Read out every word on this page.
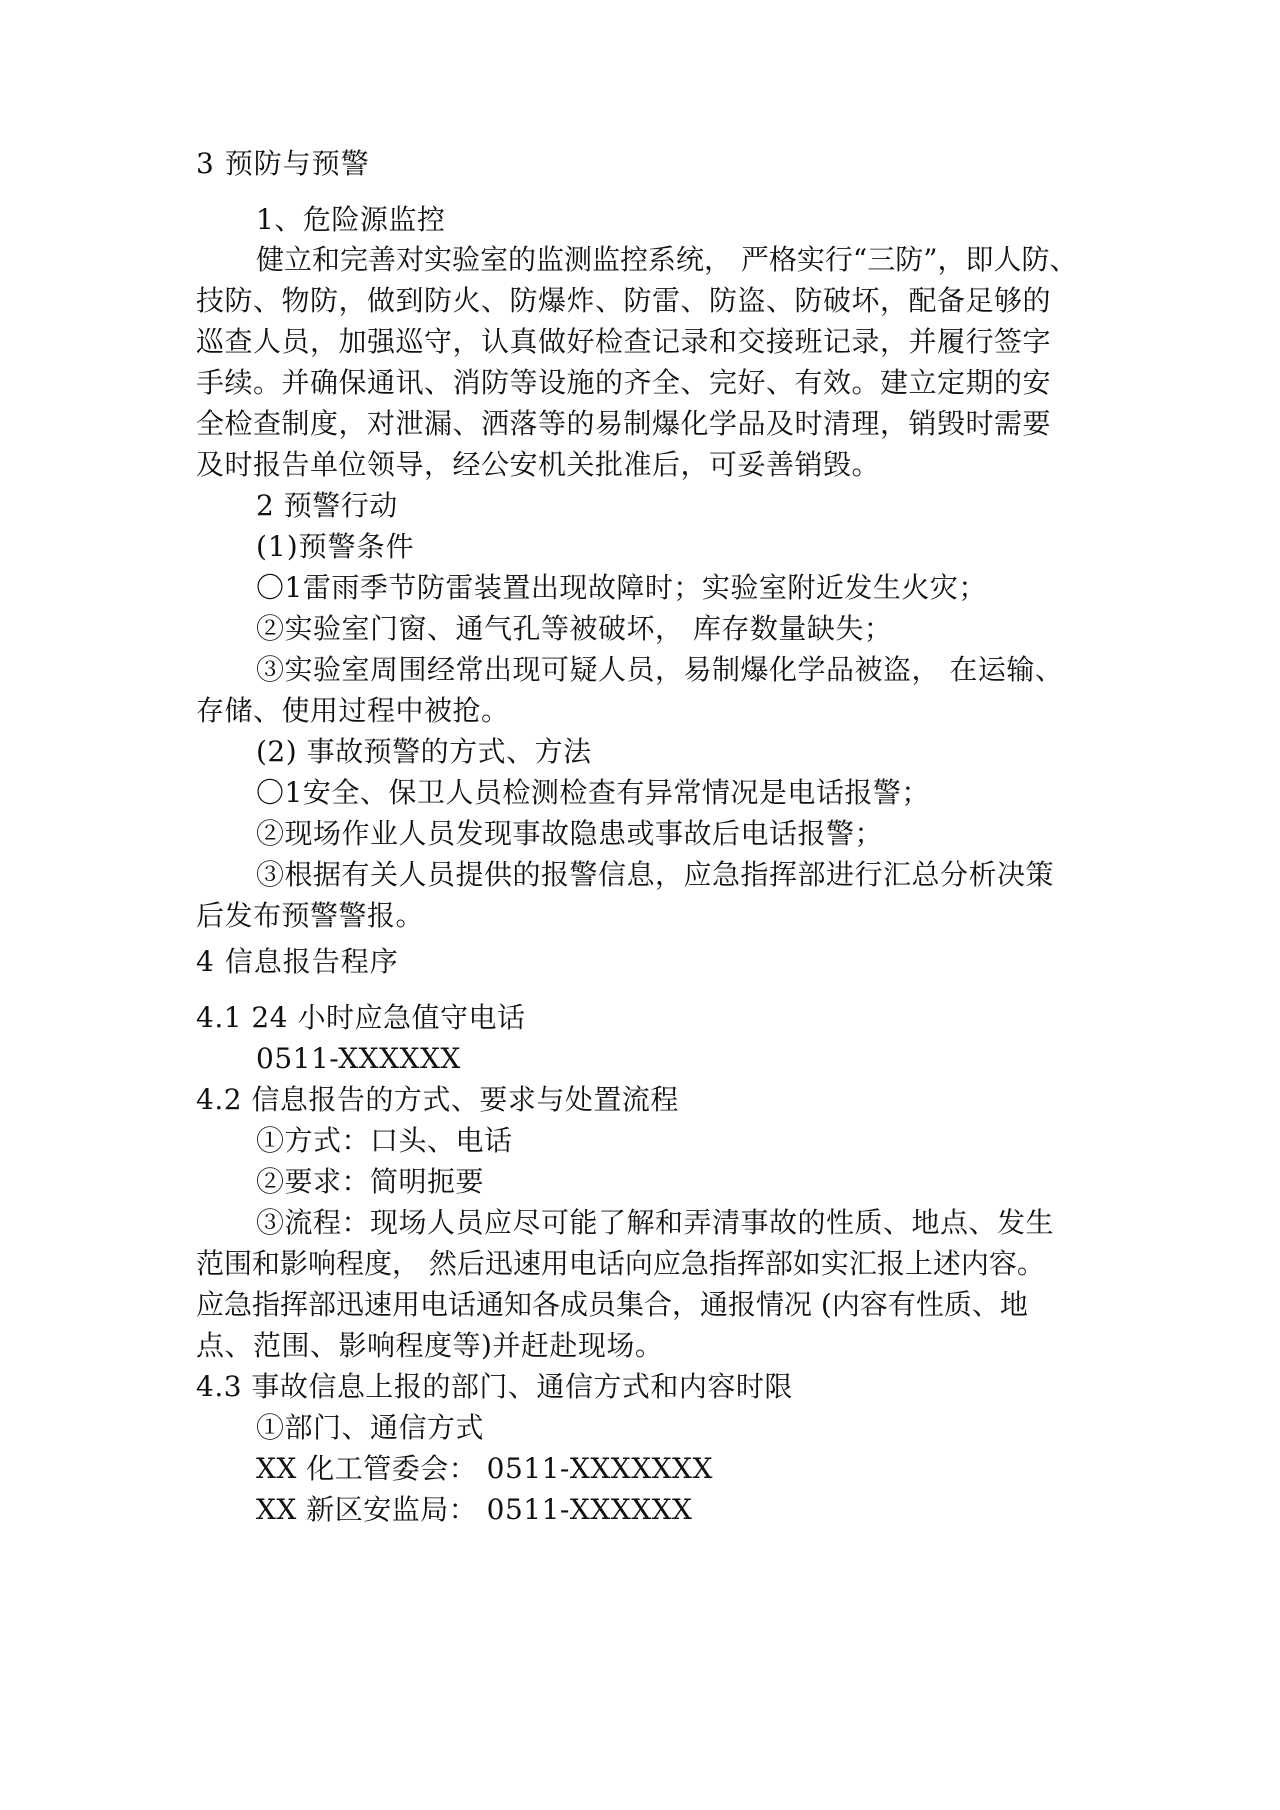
3 预防与预警

1、危险源监控

健立和完善对实验室的监测监控系统， 严格实行“三防”，即人防、

技防、物防，做到防火、防爆炸、防雷、防盗、防破坏，配备足够的

巡查人员，加强巡守，认真做好检查记录和交接班记录，并履行签字

手续。并确保通讯、消防等设施的齐全、完好、有效。建立定期的安

全检查制度，对泄漏、洒落等的易制爆化学品及时清理，销毁时需要

及时报告单位领导，经公安机关批准后，可妥善销毁。

2 预警行动

(1)预警条件

〇1雷雨季节防雷装置出现故障时；实验室附近发生火灾；

➁实验室门窗、通气孔等被破坏， 库存数量缺失；

➂实验室周围经常出现可疑人员，易制爆化学品被盗， 在运输、

存储、使用过程中被抢。

(2) 事故预警的方式、方法

〇1安全、保卫人员检测检查有异常情况是电话报警；

➁现场作业人员发现事故隐患或事故后电话报警；

➂根据有关人员提供的报警信息，应急指挥部进行汇总分析决策

后发布预警警报。

4 信息报告程序

4.1 24 小时应急值守电话

0511-XXXXXX

4.2 信息报告的方式、要求与处置流程

①方式：口头、电话

②要求：简明扼要

③流程：现场人员应尽可能了解和弄清事故的性质、地点、发生

范围和影响程度， 然后迅速用电话向应急指挥部如实汇报上述内容。

应急指挥部迅速用电话通知各成员集合，通报情况 (内容有性质、地

点、范围、影响程度等)并赶赴现场。

4.3 事故信息上报的部门、通信方式和内容时限

①部门、通信方式

XX 化工管委会： 0511-XXXXXXX

XX 新区安监局： 0511-XXXXXX
